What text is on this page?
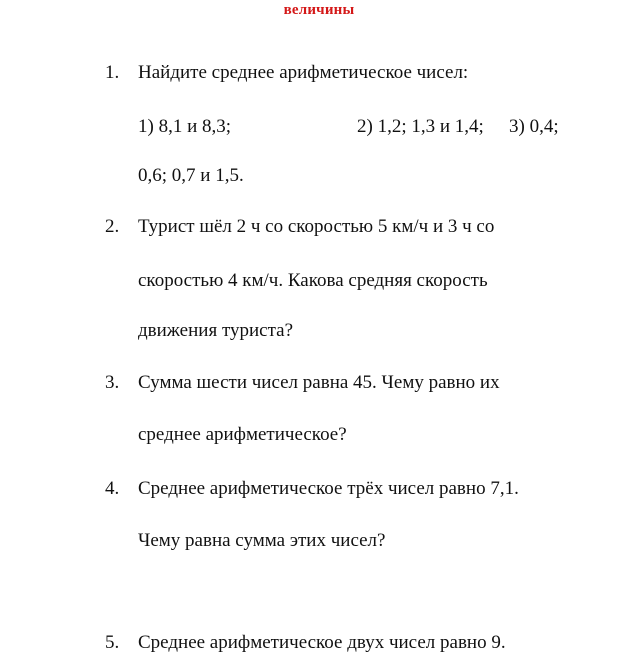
величины
1. Найдите среднее арифметическое чисел:
1) 8,1 и 8,3;	2) 1,2; 1,3 и 1,4; 3) 0,4;
0,6; 0,7 и 1,5.
2. Турист шёл 2 ч со скоростью 5 км/ч и 3 ч со
скоростью 4 км/ч. Какова средняя скорость
движения туриста?
3. Сумма шести чисел равна 45. Чему равно их
среднее арифметическое?
4. Среднее арифметическое трёх чисел равно 7,1.
Чему равна сумма этих чисел?
5. Среднее арифметическое двух чисел равно 9.
